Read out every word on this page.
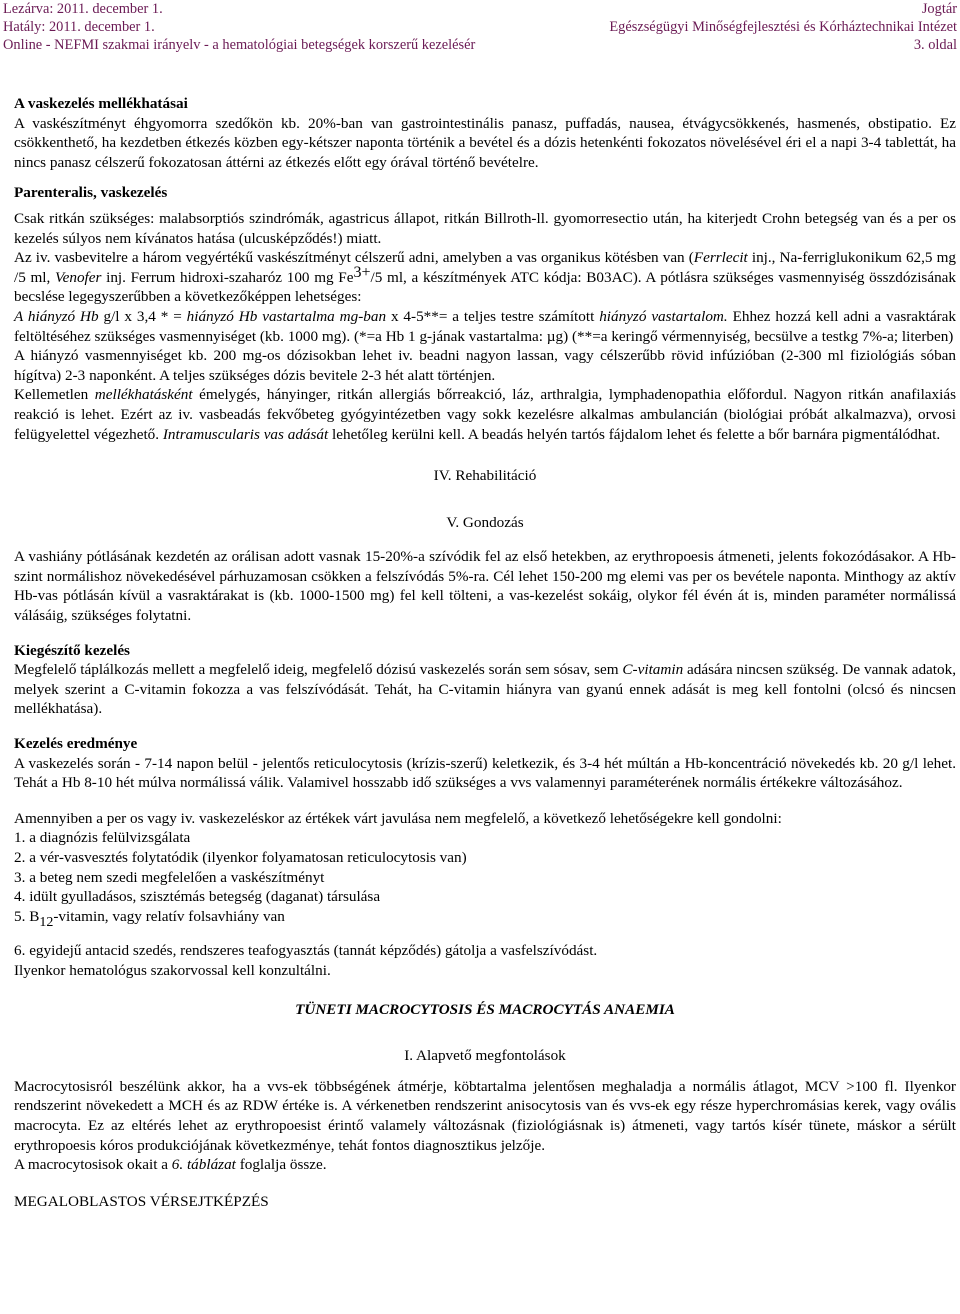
Lezárva: 2011. december 1.	Jogtár
Hatály: 2011. december 1.	Egészségügyi Minőségfejlesztési és Kórháztechnikai Intézet
Online - NEFMI szakmai irányelv - a hematológiai betegségek korszerű kezelésér	3. oldal

A vaskezelés mellékhatásai

A vaskészítményt éhgyomorra szedőkön kb. 20%-ban van gastrointestinális panasz, puffadás, nausea, étvágycsökkenés, hasmenés, obstipatio. Ez csökkenthető, ha kezdetben étkezés közben egy-kétszer naponta történik a bevétel és a dózis hetenkénti fokozatos növelésével éri el a napi 3-4 tablettát, ha nincs panasz célszerű fokozatosan áttérni az étkezés előtt egy órával történő bevételre.

Parenteralis, vaskezelés

Csak ritkán szükséges: malabsorptiós szindrómák, agastricus állapot, ritkán Billroth-ll. gyomorresectio után, ha kiterjedt Crohn betegség van és a per os kezelés súlyos nem kívánatos hatása (ulcusképződés!) miatt.

Az iv. vasbevitelre a három vegyértékű vaskészítményt célszerű adni, amelyben a vas organikus kötésben van (Ferrlecit inj., Na-ferriglukonikum 62,5 mg /5 ml, Venofer inj. Ferrum hidroxi-szaharóz 100 mg $Fe^{3+}/5$ ml, a készítmények ATC kódja: B03AC). A pótlásra szükséges vasmennyiség összdózisának becslése legegyszerűbben a következőképpen lehetséges:

A hiányzó Hb g/l x 3,4 * = hiányzó Hb vastartalma mg-ban x 4-5**= a teljes testre számított hiányzó vastartalom. Ehhez hozzá kell adni a vasraktárak feltöltéséhez szükséges vasmennyiséget (kb. 1000 mg). (*=a Hb 1 g-jának vastartalma: µg) (**=a keringő vérmennyiség, becsülve a testkg 7%-a; literben)

A hiányzó vasmennyiséget kb. 200 mg-os dózisokban lehet iv. beadni nagyon lassan, vagy célszerűbb rövid infúzióban (2-300 ml fiziológiás sóban hígítva) 2-3 naponként. A teljes szükséges dózis bevitele 2-3 hét alatt történjen.

Kellemetlen mellékhatásként émelygés, hányinger, ritkán allergiás bőrreakció, láz, arthralgia, lymphadenopathia előfordul. Nagyon ritkán anafilaxiás reakció is lehet. Ezért az iv. vasbeadás fekvőbeteg gyógyintézetben vagy sokk kezelésre alkalmas ambulancián (biológiai próbát alkalmazva), orvosi felügyelettel végezhető. Intramuscularis vas adását lehetőleg kerülni kell. A beadás helyén tartós fájdalom lehet és felette a bőr barnára pigmentálódhat.

IV. Rehabilitáció

V. Gondozás

A vashiány pótlásának kezdetén az orálisan adott vasnak 15-20%-a szívódik fel az első hetekben, az erythropoesis átmeneti, jelents fokozódásakor. A Hb-szint normálishoz növekedésével párhuzamosan csökken a felszívódás 5%-ra. Cél lehet 150-200 mg elemi vas per os bevétele naponta. Minthogy az aktív Hb-vas pótlásán kívül a vasraktárakat is (kb. 1000-1500 mg) fel kell tölteni, a vas-kezelést sokáig, olykor fél évén át is, minden paraméter normálissá válásáig, szükséges folytatni.

Kiegészítő kezelés

Megfelelő táplálkozás mellett a megfelelő ideig, megfelelő dózisú vaskezelés során sem sósav, sem C-vitamin adására nincsen szükség. De vannak adatok, melyek szerint a C-vitamin fokozza a vas felszívódását. Tehát, ha C-vitamin hiányra van gyanú ennek adását is meg kell fontolni (olcsó és nincsen mellékhatása).

Kezelés eredménye

A vaskezelés során - 7-14 napon belül - jelentős reticulocytosis (krízis-szerű) keletkezik, és 3-4 hét múltán a Hb-koncentráció növekedés kb. 20 g/l lehet. Tehát a Hb 8-10 hét múlva normálissá válik. Valamivel hosszabb idő szükséges a vvs valamennyi paraméterének normális értékekre változásához.

Amennyiben a per os vagy iv. vaskezeléskor az értékek várt javulása nem megfelelő, a következő lehetőségekre kell gondolni:

1. a diagnózis felülvizsgálata
2. a vér-vasvesztés folytatódik (ilyenkor folyamatosan reticulocytosis van)
3. a beteg nem szedi megfelelően a vaskészítményt
4. idült gyulladásos, szisztémás betegség (daganat) társulása
5. $B_{12}$-vitamin, vagy relatív folsavhiány van
6. egyidejű antacid szedés, rendszeres teafogyasztás (tannát képződés) gátolja a vasfelszívódást.

Ilyenkor hematológus szakorvossal kell konzultálni.

TÜNETI MACROCYTOSIS ÉS MACROCYTÁS ANAEMIA

I. Alapvető megfontolások

Macrocytosisról beszélünk akkor, ha a vvs-ek többségének átmérje, köbtartalma jelentősen meghaladja a normális átlagot, MCV >100 fl. Ilyenkor rendszerint növekedett a MCH és az RDW értéke is. A vérkenetben rendszerint anisocytosis van és vvs-ek egy része hyperchromásias kerek, vagy ovális macrocyta. Ez az eltérés lehet az erythropoesist érintő valamely változásnak (fiziológiásnak is) átmeneti, vagy tartós kísér tünete, máskor a sérült erythropoesis kóros produkciójának következménye, tehát fontos diagnosztikus jelzője.

A macrocytosisok okait a 6. táblázat foglalja össze.

MEGALOBLASTOS VÉRSEJTKÉPZÉS
